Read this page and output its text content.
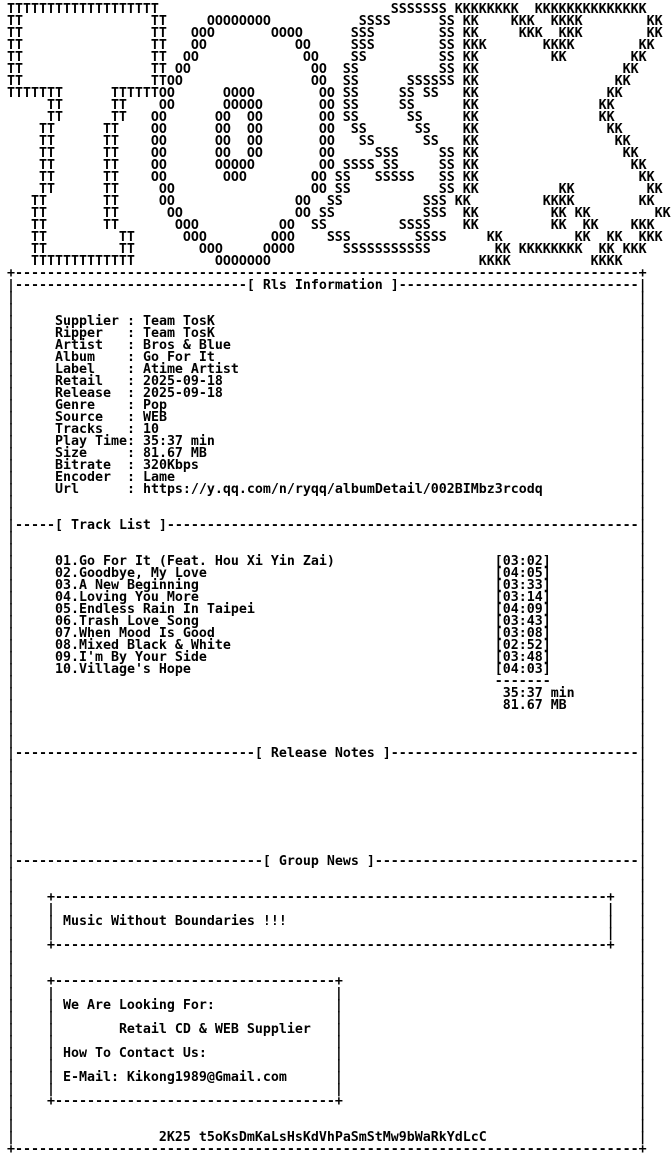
TTTTTTTTTTTTTTTTTTT                             SSSSSSS KKKKKKKK  KKKKKKKKKKKKKK
TT                TT     OOOOOOOO           SSSS      SS KK    KKK  KKKK        KK
TT                TT   OOO       OOOO      SSS        SS KK     KKK  KKK        KK
TT                TT   OO           OO     SSS        SS KKK       KKKK        KK
TT                TT  OO             OO    SS         SS KK         KK        KK
TT                TT OO               OO  SS          SS KK                  KK
TT                TTOO                OO  SS      SSSSSS KK                 KK
TTTTTTT      TTTTTTOO      OOOO        OO SS     SS SS   KK                KK
TT      TT    OO      OOOOO       OO SS     SS      KK               KK
TT      TT   OO      OO  OO       OO SS      SS     KK               KK
TT      TT    OO      OO  OO       OO  SS      SS    KK                KK
TT      TT    OO      OO  OO       OO   SS      SS   KK                 KK
TT      TT    OO      OO  OO       OO     SSS     SS KK                  KK
TT      TT    OO      OOOOO        OO SSSS SS     SS KK                   KK
TT      TT    OO       OOO        OO SS   SSSSS   SS KK                    KK
TT      TT     OO                 OO SS           SS KK          KK         KK
TT       TT     OO               OO  SS          SSS KK         KKKK        KK
TT       TT      OO              OO SS           SSS  KK         KK KK        KK
TT       TT       OOO          OO  SS         SSSS    KK         KK  KK    KKK
TT         TT      OOO        OOO    SSS        SSSS     KK         KK  KK  KKK
TT         TT        OOO     OOOO      SSSSSSSSSSS        KK KKKKKKKK  KK KKK
TTTTTTTTTTTTT          OOOOOOO                          KKKK          KKKK
+------------------------------------------------------------------------------+
|-----------------------------[ Rls Information ]------------------------------|
|                                                                              |
|                                                                              |
|     Supplier : Team TosK                                                     |
|     Ripper   : Team TosK                                                     |
|     Artist   : Bros & Blue                                                   |
|     Album    : Go For It                                                     |
|     Label    : Atime Artist                                                  |
|     Retail   : 2025-09-18                                                    |
|     Release  : 2025-09-18                                                    |
|     Genre    : Pop                                                           |
|     Source   : WEB                                                           |
|     Tracks   : 10                                                            |
|     Play Time: 35:37 min                                                     |
|     Size     : 81.67 MB                                                      |
|     Bitrate  : 320Kbps                                                       |
|     Encoder  : Lame                                                          |
|     Url      : https://y.qq.com/n/ryqq/albumDetail/002BIMbz3rcodq            |
|                                                                              |
|                                                                              |
|-----[ Track List ]-----------------------------------------------------------|
|                                                                              |
|                                                                              |
|     01.Go For It (Feat. Hou Xi Yin Zai)	[03:02]           |
|     02.Goodbye, My Love	[04:05]           |
|     03.A New Beginning	[03:33]           |
|     04.Loving You More	[03:14]           |
|     05.Endless Rain In Taipei	[04:09]           |
|     06.Trash Love Song	[03:43]           |
|     07.When Mood Is Good	[03:08]           |
|     08.Mixed Black & White	[02:52]           |
|     09.I'm By Your Side	[03:48]           |
|     10.Village's Hope	[04:03]           |
|                                                            -------           |
|                                                             35:37 min        |
|                                                             81.67 MB         |
|                                                                              |
|                                                                              |
|                                                                              |
|------------------------------[ Release Notes ]-------------------------------|
|                                                                              |
|                                                                              |
|                                                                              |
|                                                                              |
|                                                                              |
|                                                                              |
|                                                                              |
|                                                                              |
|-------------------------------[ Group News ]---------------------------------|
|                                                                              |
|                                                                              |
|    +---------------------------------------------------------------------+   |
|    |                                                                     |   |
|    | Music Without Boundaries !!!                                        |   |
|    |                                                                     |   |
|    +---------------------------------------------------------------------+   |
|                                                                              |
|                                                                              |
|    +-----------------------------------+                                     |
|    |                                   |                                     |
|    | We Are Looking For:               |                                     |
|    |                                   |                                     |
|    |        Retail CD & WEB Supplier   |                                     |
|    |                                   |                                     |
|    | How To Contact Us:                |                                     |
|    |                                   |                                     |
|    | E-Mail: Kikong1989@Gmail.com      |                                     |
|    |                                   |                                     |
|    +-----------------------------------+                                     |
|                                                                              |
|                                                                              |
|                  2K25 t5oKsDmKaLsHsKdVhPaSmStMw9bWaRkYdLcC                   |
+------------------------------------------------------------------------------+
